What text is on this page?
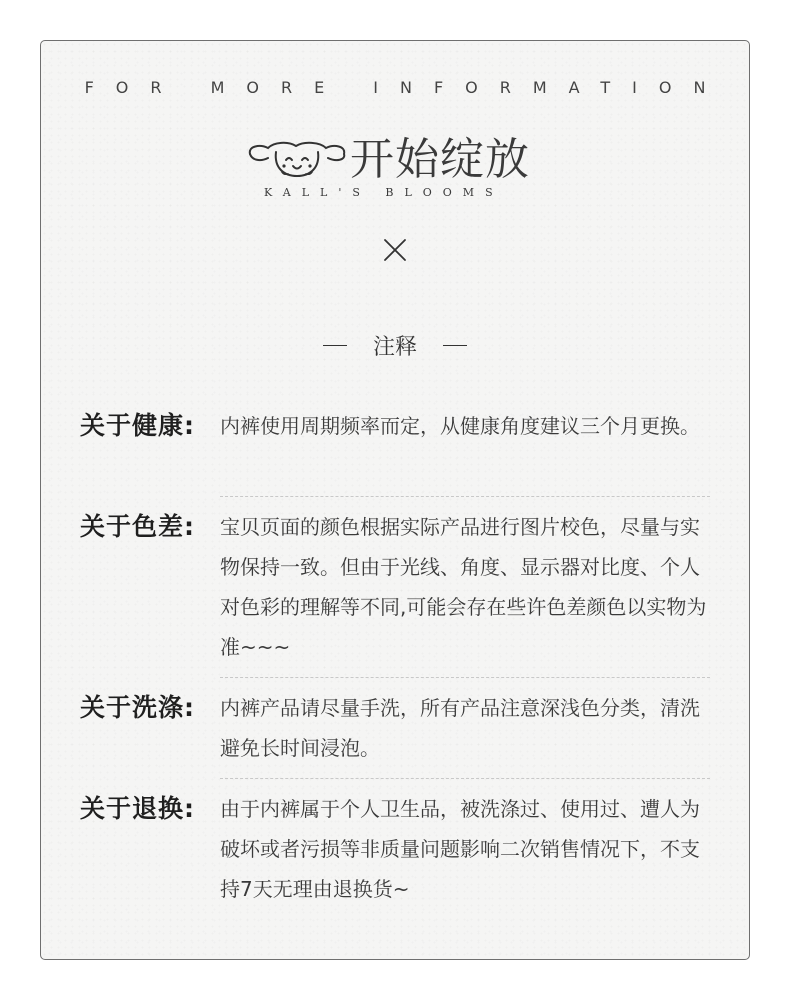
FOR MORE INFORMATION
开始绽放
KALL'S BLOOMS
注释
关于健康:	内裤使用周期频率而定，从健康角度建议三个月更换。
关于色差:	宝贝页面的颜色根据实际产品进行图片校色，尽量与实物保持一致。但由于光线、角度、显示器对比度、个人对色彩的理解等不同,可能会存在些许色差颜色以实物为准~~~
关于洗涤:	内裤产品请尽量手洗，所有产品注意深浅色分类，清洗避免长时间浸泡。
关于退换:	由于内裤属于个人卫生品，被洗涤过、使用过、遭人为破坏或者污损等非质量问题影响二次销售情况下，不支持7天无理由退换货~
